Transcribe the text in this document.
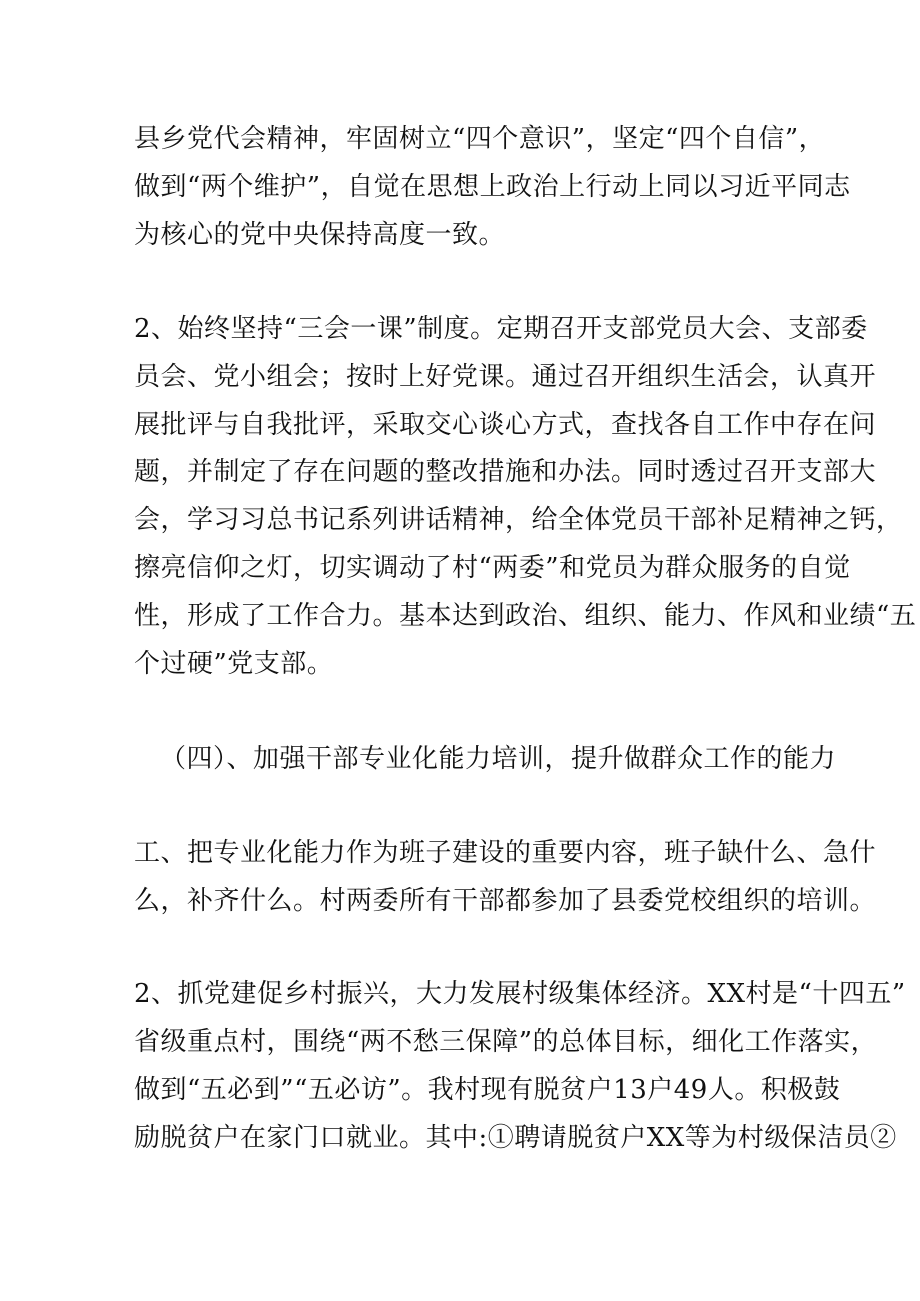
县乡党代会精神，牢固树立“四个意识”，坚定“四个自信”，
做到“两个维护”，自觉在思想上政治上行动上同以习近平同志
为核心的党中央保持高度一致。
2、始终坚持“三会一课”制度。定期召开支部党员大会、支部委
员会、党小组会；按时上好党课。通过召开组织生活会，认真开
展批评与自我批评，采取交心谈心方式，查找各自工作中存在问
题，并制定了存在问题的整改措施和办法。同时透过召开支部大
会，学习习总书记系列讲话精神，给全体党员干部补足精神之钙，
擦亮信仰之灯，切实调动了村“两委”和党员为群众服务的自觉
性，形成了工作合力。基本达到政治、组织、能力、作风和业绩“五
个过硬”党支部。
（四）、加强干部专业化能力培训，提升做群众工作的能力
工、把专业化能力作为班子建设的重要内容，班子缺什么、急什
么，补齐什么。村两委所有干部都参加了县委党校组织的培训。
2、抓党建促乡村振兴，大力发展村级集体经济。XX村是“十四五”
省级重点村，围绕“两不愁三保障”的总体目标，细化工作落实，
做到“五必到”“五必访”。我村现有脱贫户13户49人。积极鼓
励脱贫户在家门口就业。其中:①聘请脱贫户XX等为村级保洁员②
